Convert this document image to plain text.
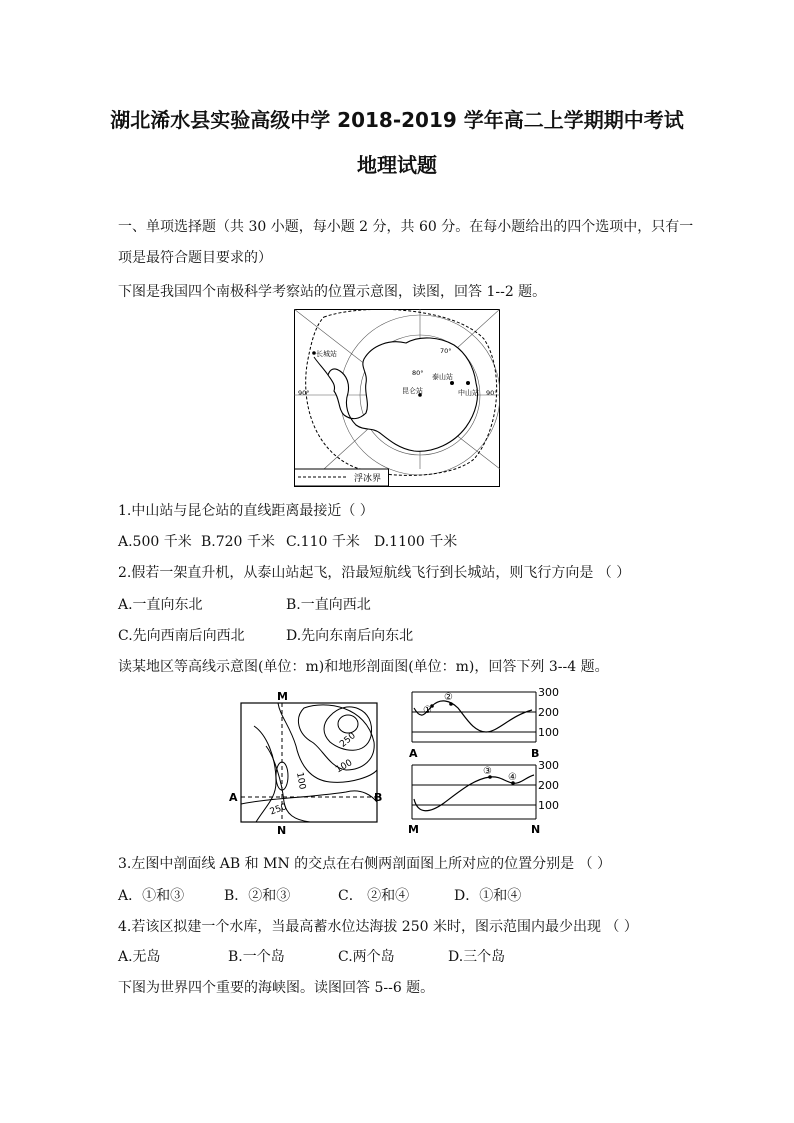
湖北浠水县实验高级中学 2018-2019 学年高二上学期期中考试
地理试题
一、单项选择题（共 30 小题，每小题 2 分，共 60 分。在每小题给出的四个选项中，只有一
项是最符合题目要求的）
下图是我国四个南极科学考察站的位置示意图，读图，回答 1--2 题。
长城站
昆仑站
泰山站
中山站
70°
80°
90°	90°
浮冰界
1.中山站与昆仑站的直线距离最接近（ ）
A.500 千米 B.720 千米 C.110 千米 D.1100 千米
2.假若一架直升机，从泰山站起飞，沿最短航线飞行到长城站，则飞行方向是 （ ）
A.一直向东北	B.一直向西北
C.先向西南后向西北	D.先向东南后向东北
读某地区等高线示意图(单位：m)和地形剖面图(单位：m)，回答下列 3--4 题。
M
N
A	B
250
100
100
250
①
②	300
200
100
A	B
③
④
300
200
100
M	N
3.左图中剖面线 AB 和 MN 的交点在右侧两剖面图上所对应的位置分别是 （ ）
A．①和③	B．②和③	C． ②和④	D．①和④
4.若该区拟建一个水库，当最高蓄水位达海拔 250 米时，图示范围内最少出现 （ ）
A.无岛	B.一个岛	C.两个岛	D.三个岛
下图为世界四个重要的海峡图。读图回答 5--6 题。
